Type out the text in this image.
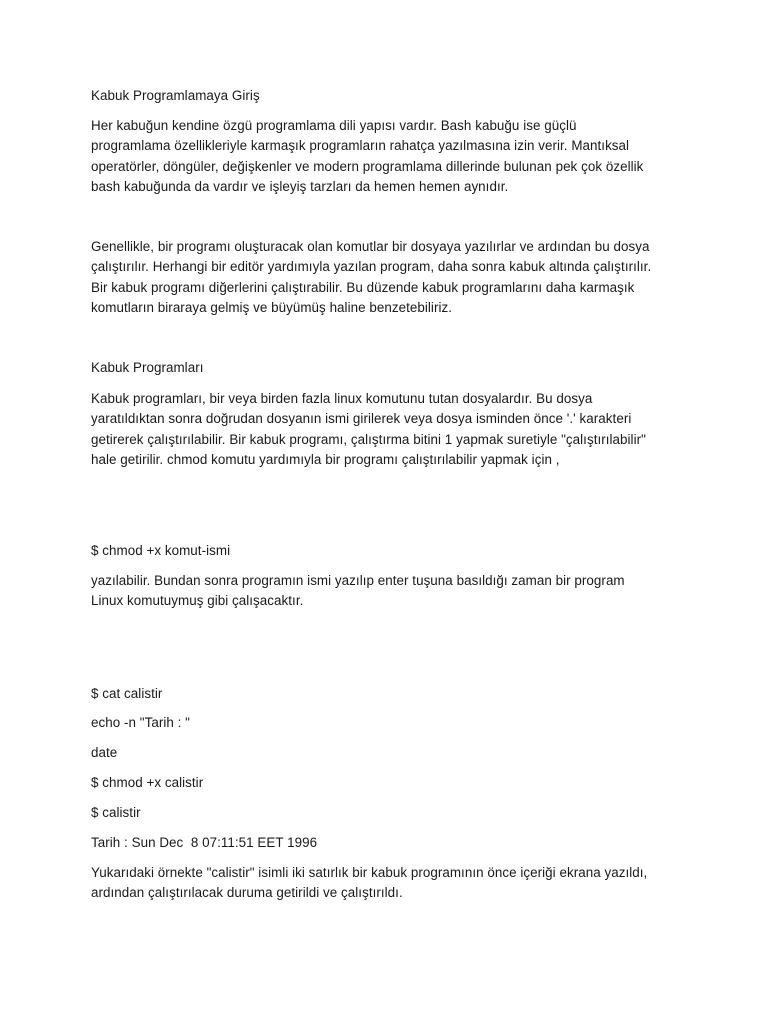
Kabuk Programlamaya Giriş

Her kabuğun kendine özgü programlama dili yapısı vardır. Bash kabuğu ise güçlü
programlama özellikleriyle karmaşık programların rahatça yazılmasına izin verir. Mantıksal
operatörler, döngüler, değişkenler ve modern programlama dillerinde bulunan pek çok özellik
bash kabuğunda da vardır ve işleyiş tarzları da hemen hemen aynıdır.

Genellikle, bir programı oluşturacak olan komutlar bir dosyaya yazılırlar ve ardından bu dosya
çalıştırılır. Herhangi bir editör yardımıyla yazılan program, daha sonra kabuk altında çalıştırılır.
Bir kabuk programı diğerlerini çalıştırabilir. Bu düzende kabuk programlarını daha karmaşık
komutların biraraya gelmiş ve büyümüş haline benzetebiliriz.

Kabuk Programları

Kabuk programları, bir veya birden fazla linux komutunu tutan dosyalardır. Bu dosya
yaratıldıktan sonra doğrudan dosyanın ismi girilerek veya dosya isminden önce '.' karakteri
getirerek çalıştırılabilir. Bir kabuk programı, çalıştırma bitini 1 yapmak suretiyle "çalıştırılabilir"
hale getirilir. chmod komutu yardımıyla bir programı çalıştırılabilir yapmak için ,

$ chmod +x komut-ismi

yazılabilir. Bundan sonra programın ismi yazılıp enter tuşuna basıldığı zaman bir program
Linux komutuymuş gibi çalışacaktır.

$ cat calistir

echo -n "Tarih : "

date

$ chmod +x calistir

$ calistir

Tarih : Sun Dec  8 07:11:51 EET 1996

Yukarıdaki örnekte "calistir" isimli iki satırlık bir kabuk programının önce içeriği ekrana yazıldı,
ardından çalıştırılacak duruma getirildi ve çalıştırıldı.
